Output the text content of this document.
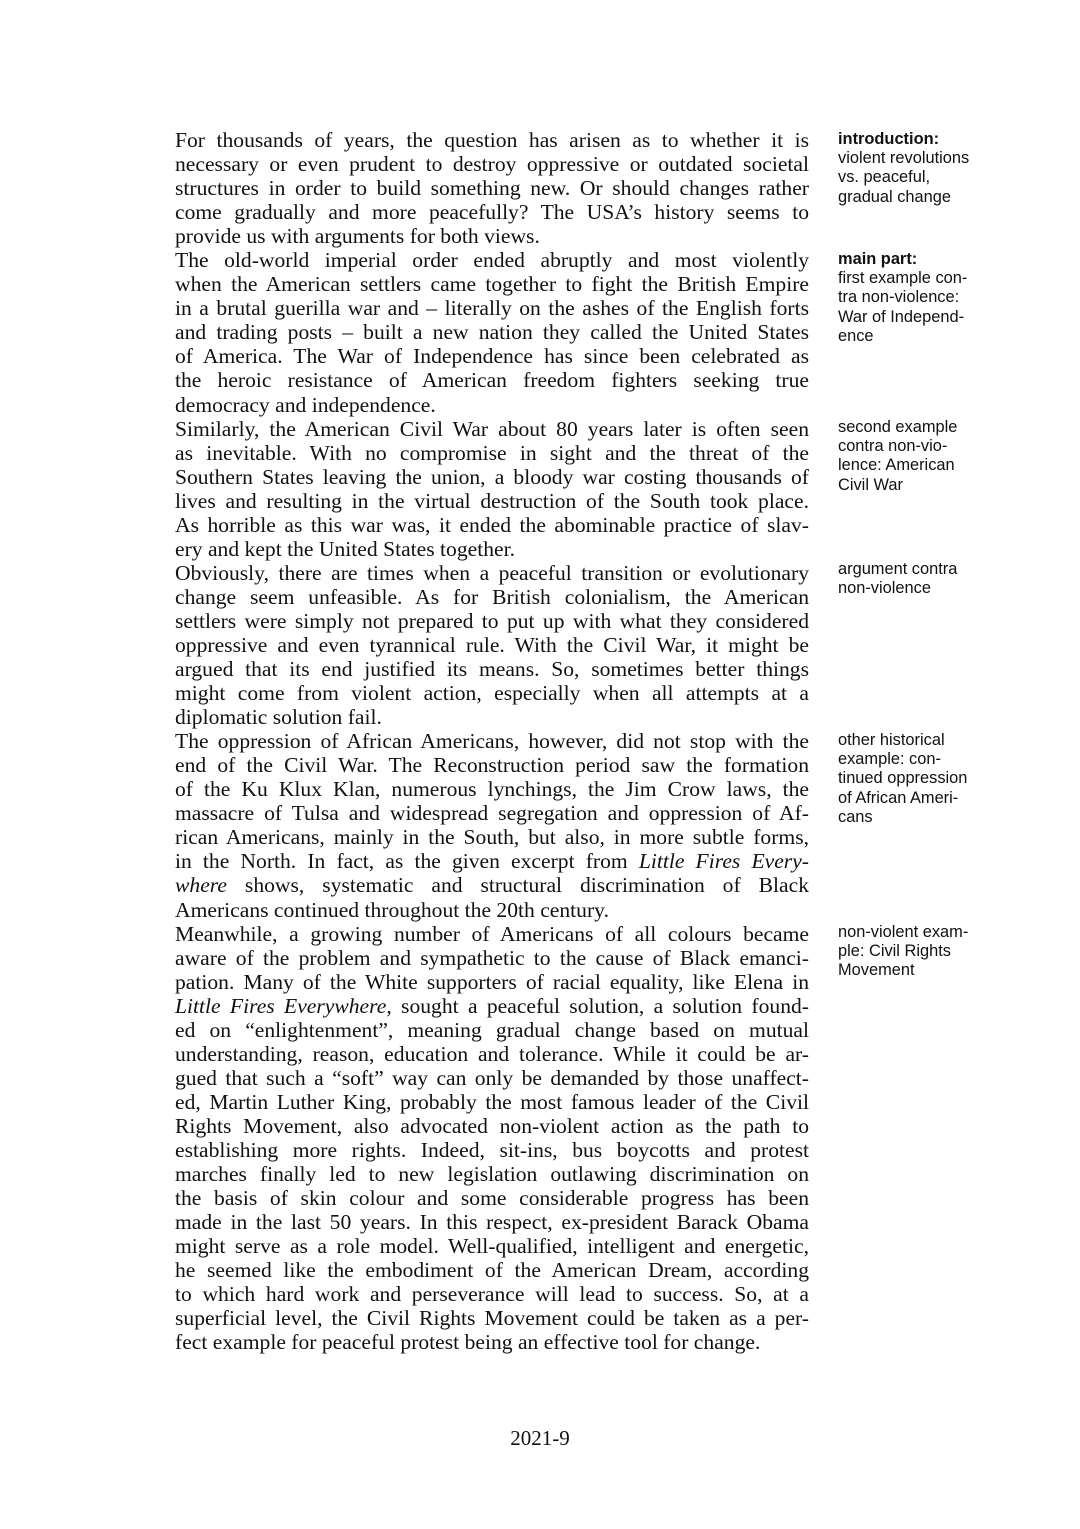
For thousands of years, the question has arisen as to whether it is
necessary or even prudent to destroy oppressive or outdated societal
structures in order to build something new. Or should changes rather
come gradually and more peacefully? The USA’s history seems to
provide us with arguments for both views.
The old-world imperial order ended abruptly and most violently
when the American settlers came together to fight the British Empire
in a brutal guerilla war and – literally on the ashes of the English forts
and trading posts – built a new nation they called the United States
of America. The War of Independence has since been celebrated as
the heroic resistance of American freedom fighters seeking true
democracy and independence.
Similarly, the American Civil War about 80 years later is often seen
as inevitable. With no compromise in sight and the threat of the
Southern States leaving the union, a bloody war costing thousands of
lives and resulting in the virtual destruction of the South took place.
As horrible as this war was, it ended the abominable practice of slav-
ery and kept the United States together.
Obviously, there are times when a peaceful transition or evolutionary
change seem unfeasible. As for British colonialism, the American
settlers were simply not prepared to put up with what they considered
oppressive and even tyrannical rule. With the Civil War, it might be
argued that its end justified its means. So, sometimes better things
might come from violent action, especially when all attempts at a
diplomatic solution fail.
The oppression of African Americans, however, did not stop with the
end of the Civil War. The Reconstruction period saw the formation
of the Ku Klux Klan, numerous lynchings, the Jim Crow laws, the
massacre of Tulsa and widespread segregation and oppression of Af-
rican Americans, mainly in the South, but also, in more subtle forms,
in the North. In fact, as the given excerpt from Little Fires Every-
where shows, systematic and structural discrimination of Black
Americans continued throughout the 20th century.
Meanwhile, a growing number of Americans of all colours became
aware of the problem and sympathetic to the cause of Black emanci-
pation. Many of the White supporters of racial equality, like Elena in
Little Fires Everywhere, sought a peaceful solution, a solution found-
ed on “enlightenment”, meaning gradual change based on mutual
understanding, reason, education and tolerance. While it could be ar-
gued that such a “soft” way can only be demanded by those unaffect-
ed, Martin Luther King, probably the most famous leader of the Civil
Rights Movement, also advocated non-violent action as the path to
establishing more rights. Indeed, sit-ins, bus boycotts and protest
marches finally led to new legislation outlawing discrimination on
the basis of skin colour and some considerable progress has been
made in the last 50 years. In this respect, ex-president Barack Obama
might serve as a role model. Well-qualified, intelligent and energetic,
he seemed like the embodiment of the American Dream, according
to which hard work and perseverance will lead to success. So, at a
superficial level, the Civil Rights Movement could be taken as a per-
fect example for peaceful protest being an effective tool for change.
introduction:
violent revolutions
vs. peaceful,
gradual change
main part:
first example con-
tra non-violence:
War of Independ-
ence
second example
contra non-vio-
lence: American
Civil War
argument contra
non-violence
other historical
example: con-
tinued oppression
of African Ameri-
cans
non-violent exam-
ple: Civil Rights
Movement
2021-9
